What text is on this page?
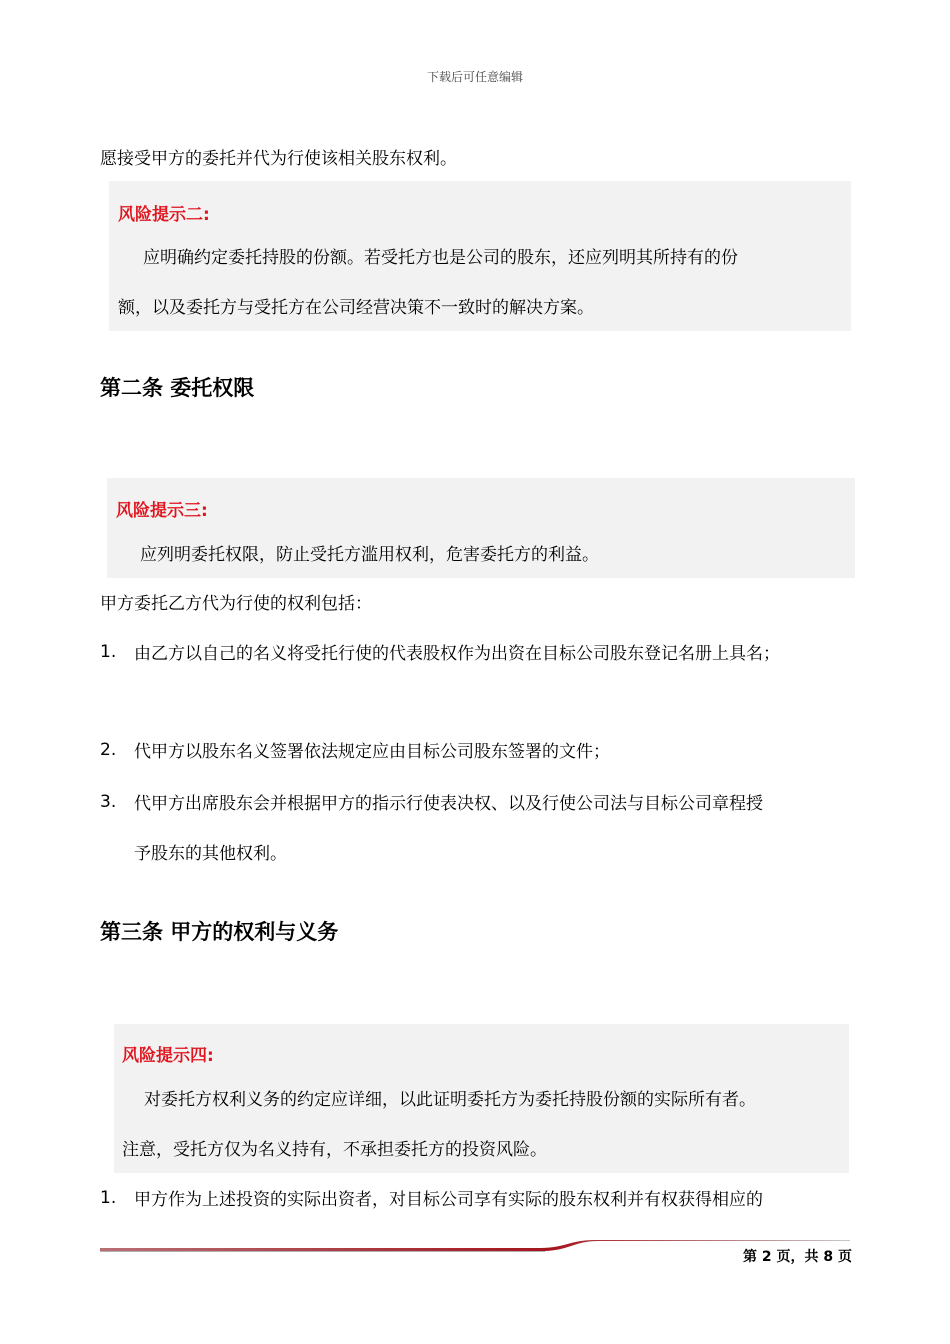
下载后可任意编辑
愿接受甲方的委托并代为行使该相关股东权利。
风险提示二:
应明确约定委托持股的份额。若受托方也是公司的股东，还应列明其所持有的份
额，以及委托方与受托方在公司经营决策不一致时的解决方案。
第二条 委托权限
风险提示三:
应列明委托权限，防止受托方滥用权利，危害委托方的利益。
甲方委托乙方代为行使的权利包括：
1. 由乙方以自己的名义将受托行使的代表股权作为出资在目标公司股东登记名册上具名；
2. 代甲方以股东名义签署依法规定应由目标公司股东签署的文件；
3. 代甲方出席股东会并根据甲方的指示行使表决权、以及行使公司法与目标公司章程授
予股东的其他权利。
第三条 甲方的权利与义务
风险提示四:
对委托方权利义务的约定应详细，以此证明委托方为委托持股份额的实际所有者。
注意，受托方仅为名义持有，不承担委托方的投资风险。
1. 甲方作为上述投资的实际出资者，对目标公司享有实际的股东权利并有权获得相应的
第 2 页，共 8 页
